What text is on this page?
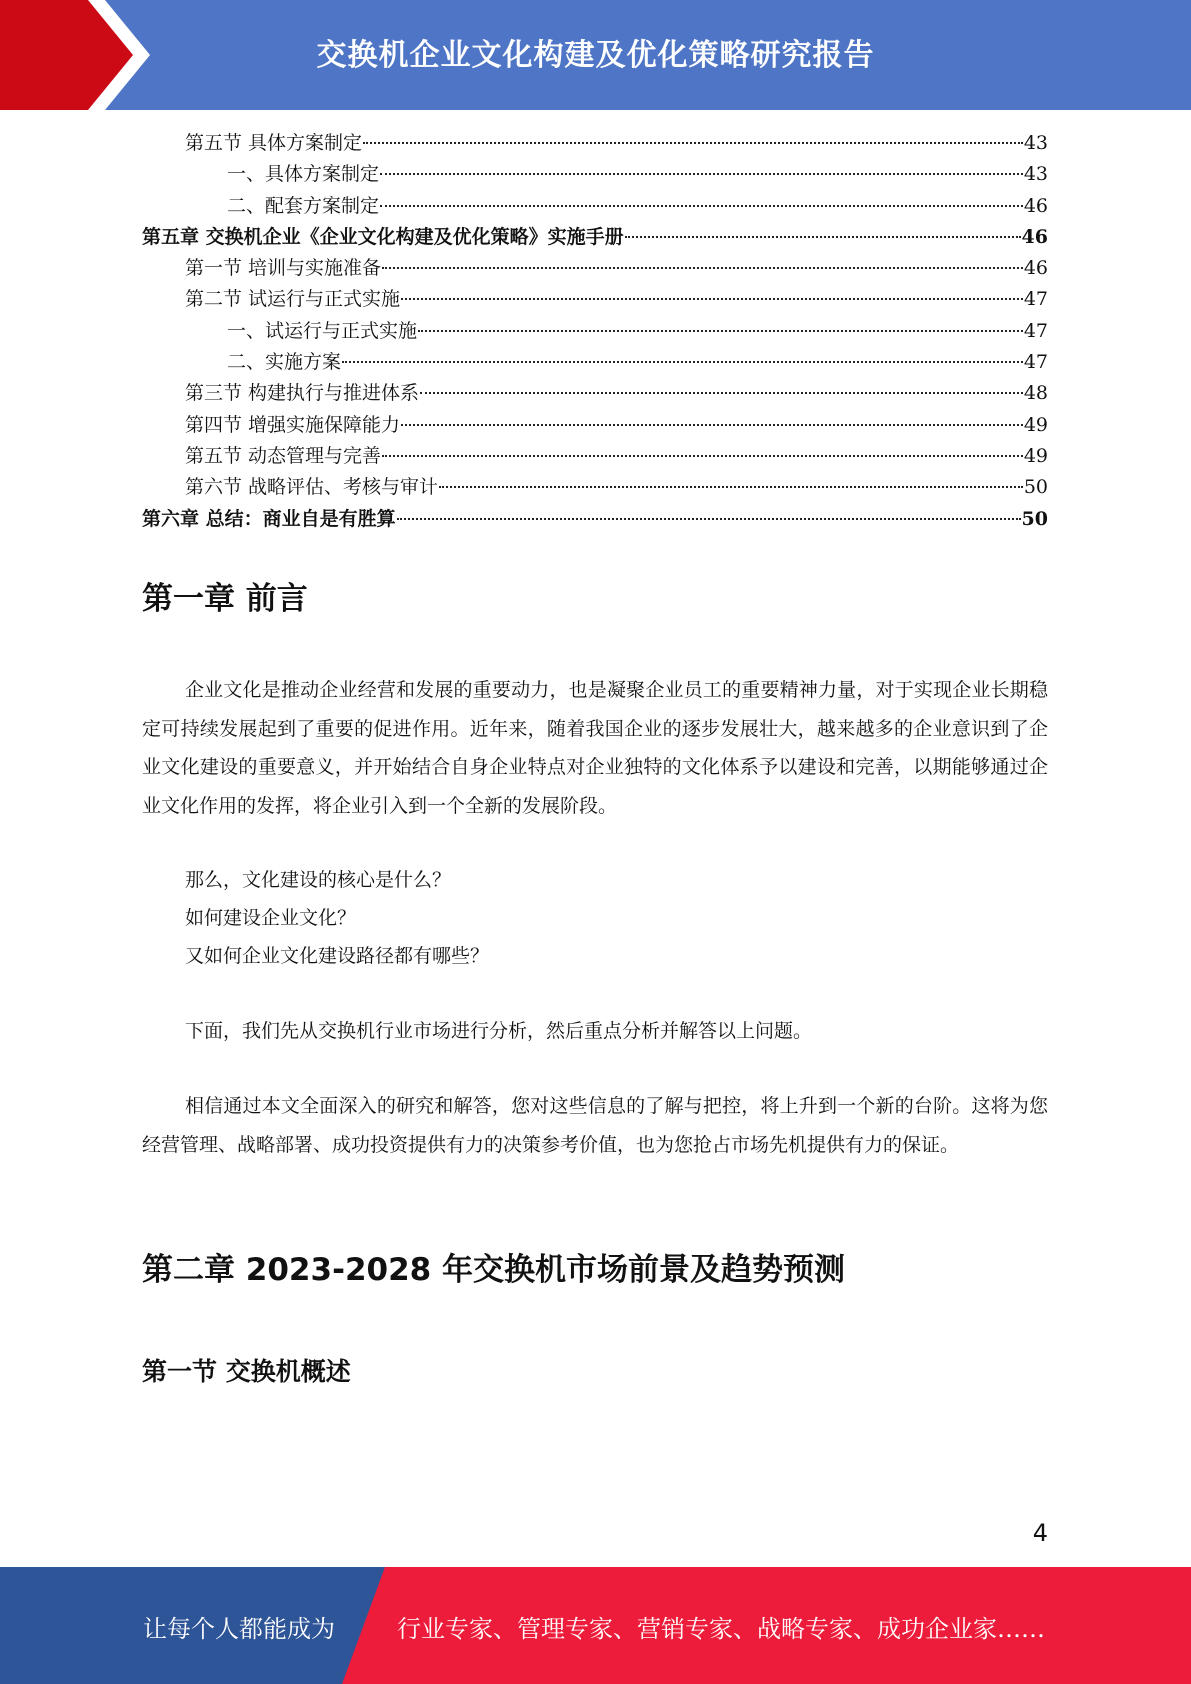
交换机企业文化构建及优化策略研究报告
第五节 具体方案制定	43
一、具体方案制定	43
二、配套方案制定	46
第五章 交换机企业《企业文化构建及优化策略》实施手册	46
第一节 培训与实施准备	46
第二节 试运行与正式实施	47
一、试运行与正式实施	47
二、实施方案	47
第三节 构建执行与推进体系	48
第四节 增强实施保障能力	49
第五节 动态管理与完善	49
第六节 战略评估、考核与审计	50
第六章 总结：商业自是有胜算	50
第一章 前言
企业文化是推动企业经营和发展的重要动力，也是凝聚企业员工的重要精神力量，对于实现企业长期稳定可持续发展起到了重要的促进作用。近年来，随着我国企业的逐步发展壮大，越来越多的企业意识到了企业文化建设的重要意义，并开始结合自身企业特点对企业独特的文化体系予以建设和完善，以期能够通过企业文化作用的发挥，将企业引入到一个全新的发展阶段。
那么，文化建设的核心是什么？
如何建设企业文化？
又如何企业文化建设路径都有哪些？
下面，我们先从交换机行业市场进行分析，然后重点分析并解答以上问题。
相信通过本文全面深入的研究和解答，您对这些信息的了解与把控，将上升到一个新的台阶。这将为您经营管理、战略部署、成功投资提供有力的决策参考价值，也为您抢占市场先机提供有力的保证。
第二章 2023-2028 年交换机市场前景及趋势预测
第一节 交换机概述
4
让每个人都能成为	行业专家、管理专家、营销专家、战略专家、成功企业家……
